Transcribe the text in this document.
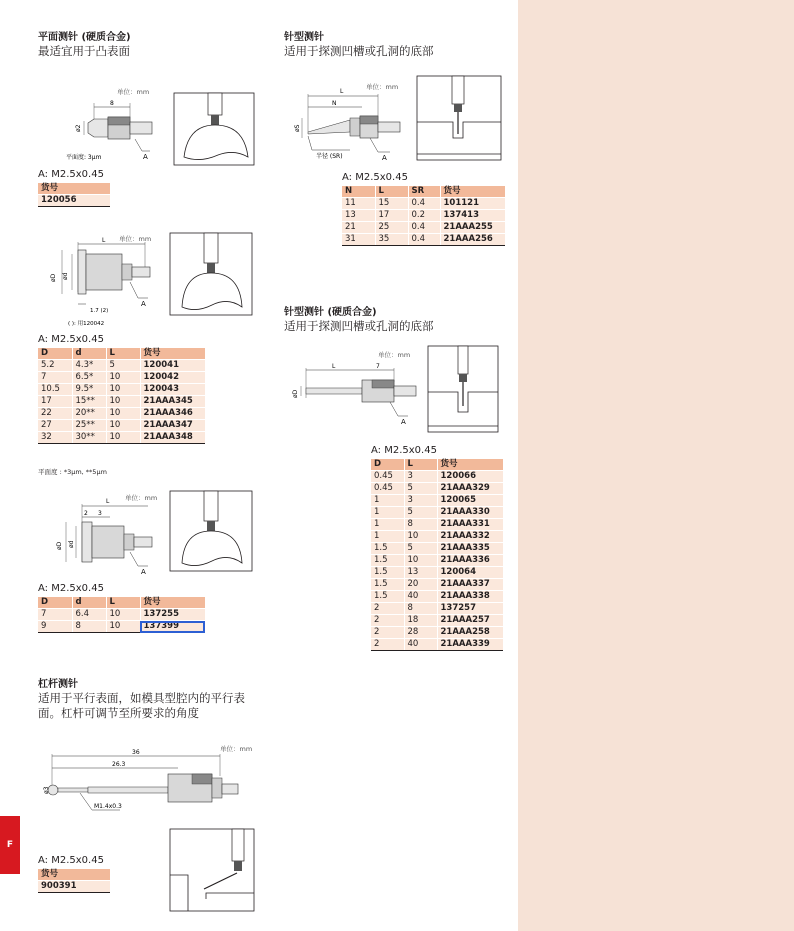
F
平面测针 (硬质合金)
最适宜用于凸表面
单位：mm
8
ø2
平面度: 3µm	A
A: M2.5x0.45
货号
120056
单位：mm
L
øD ød
1.7 (2)
( ): 用120042
A
A: M2.5x0.45
D	d	L	货号
5.2	4.3*	5	120041
7	6.5*	10	120042
10.5	9.5*	10	120043
17	15**	10	21AAA345
22	20**	10	21AAA346
27	25**	10	21AAA347
32	30**	10	21AAA348
平面度 : *3µm, **5µm
单位：mm
L
2 3
øD ød
A
A: M2.5x0.45
D	d	L	货号
7	6.4	10	137255
9	8	10	137399
杠杆测针
适用于平行表面，如模具型腔内的平行表
面。杠杆可调节至所要求的角度
单位：mm
36
26.3
ø3
M1.4x0.3
A: M2.5x0.45
货号
900391
针型测针
适用于探测凹槽或孔洞的底部
单位：mm
L
N
øS
半径 (SR)	A
A: M2.5x0.45
N	L	SR	货号
11	15	0.4	101121
13	17	0.2	137413
21	25	0.4	21AAA255
31	35	0.4	21AAA256
针型测针 (硬质合金)
适用于探测凹槽或孔洞的底部
单位：mm
L	7
øD
A
A: M2.5x0.45
D	L	货号
0.45	3	120066
0.45	5	21AAA329
1	3	120065
1	5	21AAA330
1	8	21AAA331
1	10	21AAA332
1.5	5	21AAA335
1.5	10	21AAA336
1.5	13	120064
1.5	20	21AAA337
1.5	40	21AAA338
2	8	137257
2	18	21AAA257
2	28	21AAA258
2	40	21AAA339
